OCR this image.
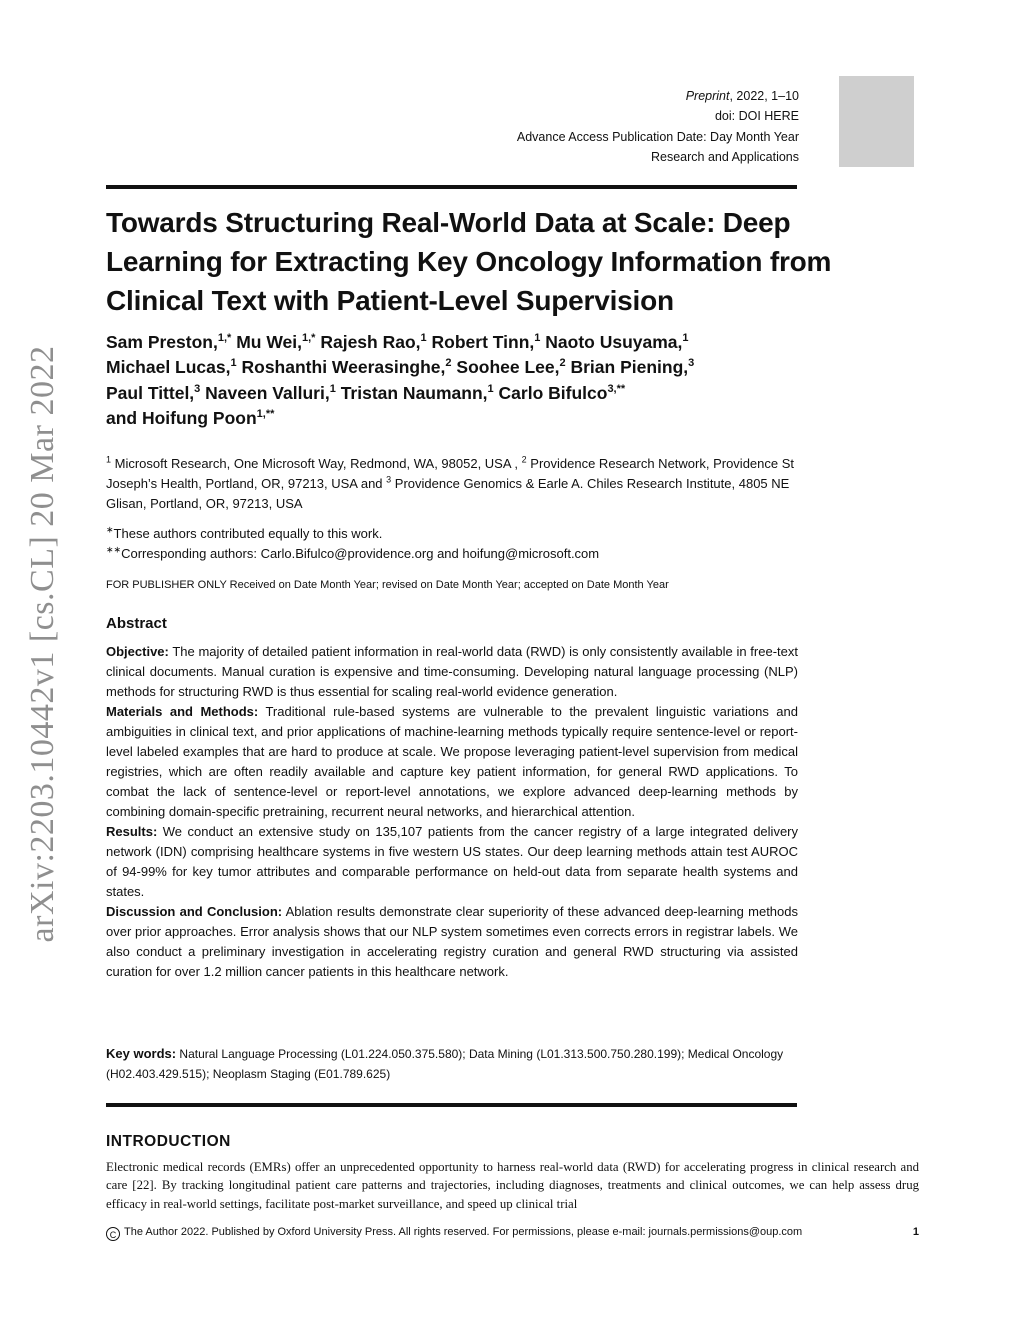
arXiv:2203.10442v1 [cs.CL] 20 Mar 2022
Preprint, 2022, 1–10
doi: DOI HERE
Advance Access Publication Date: Day Month Year
Research and Applications
Towards Structuring Real-World Data at Scale: Deep Learning for Extracting Key Oncology Information from Clinical Text with Patient-Level Supervision
Sam Preston,$^{1,*}$ Mu Wei,$^{1,*}$ Rajesh Rao,$^1$ Robert Tinn,$^1$ Naoto Usuyama,$^1$
Michael Lucas,$^1$ Roshanthi Weerasinghe,$^2$ Soohee Lee,$^2$ Brian Piening,$^3$
Paul Tittel,$^3$ Naveen Valluri,$^1$ Tristan Naumann,$^1$ Carlo Bifulco$^{3,**}$
and Hoifung Poon$^{1,**}$
$^1$ Microsoft Research, One Microsoft Way, Redmond, WA, 98052, USA , $^2$ Providence Research Network, Providence St Joseph’s Health, Portland, OR, 97213, USA and $^3$ Providence Genomics & Earle A. Chiles Research Institute, 4805 NE Glisan, Portland, OR, 97213, USA
∗These authors contributed equally to this work.
∗∗Corresponding authors: Carlo.Bifulco@providence.org and hoifung@microsoft.com
FOR PUBLISHER ONLY Received on Date Month Year; revised on Date Month Year; accepted on Date Month Year
Abstract

Objective: The majority of detailed patient information in real-world data (RWD) is only consistently available in free-text clinical documents. Manual curation is expensive and time-consuming. Developing natural language processing (NLP) methods for structuring RWD is thus essential for scaling real-world evidence generation.

Materials and Methods: Traditional rule-based systems are vulnerable to the prevalent linguistic variations and ambiguities in clinical text, and prior applications of machine-learning methods typically require sentence-level or report-level labeled examples that are hard to produce at scale. We propose leveraging patient-level supervision from medical registries, which are often readily available and capture key patient information, for general RWD applications. To combat the lack of sentence-level or report-level annotations, we explore advanced deep-learning methods by combining domain-specific pretraining, recurrent neural networks, and hierarchical attention.

Results: We conduct an extensive study on 135,107 patients from the cancer registry of a large integrated delivery network (IDN) comprising healthcare systems in five western US states. Our deep learning methods attain test AUROC of 94-99% for key tumor attributes and comparable performance on held-out data from separate health systems and states.

Discussion and Conclusion: Ablation results demonstrate clear superiority of these advanced deep-learning methods over prior approaches. Error analysis shows that our NLP system sometimes even corrects errors in registrar labels. We also conduct a preliminary investigation in accelerating registry curation and general RWD structuring via assisted curation for over 1.2 million cancer patients in this healthcare network.

Key words: Natural Language Processing (L01.224.050.375.580); Data Mining (L01.313.500.750.280.199); Medical Oncology (H02.403.429.515); Neoplasm Staging (E01.789.625)
INTRODUCTION
Electronic medical records (EMRs) offer an unprecedented opportunity to harness real-world data (RWD) for accelerating progress in clinical research and care [22]. By tracking longitudinal patient care patterns and trajectories, including diagnoses, treatments and clinical outcomes, we can help assess drug efficacy in real-world settings, facilitate post-market surveillance, and speed up clinical trial
C The Author 2022. Published by Oxford University Press. All rights reserved. For permissions, please e-mail: journals.permissions@oup.com	1
